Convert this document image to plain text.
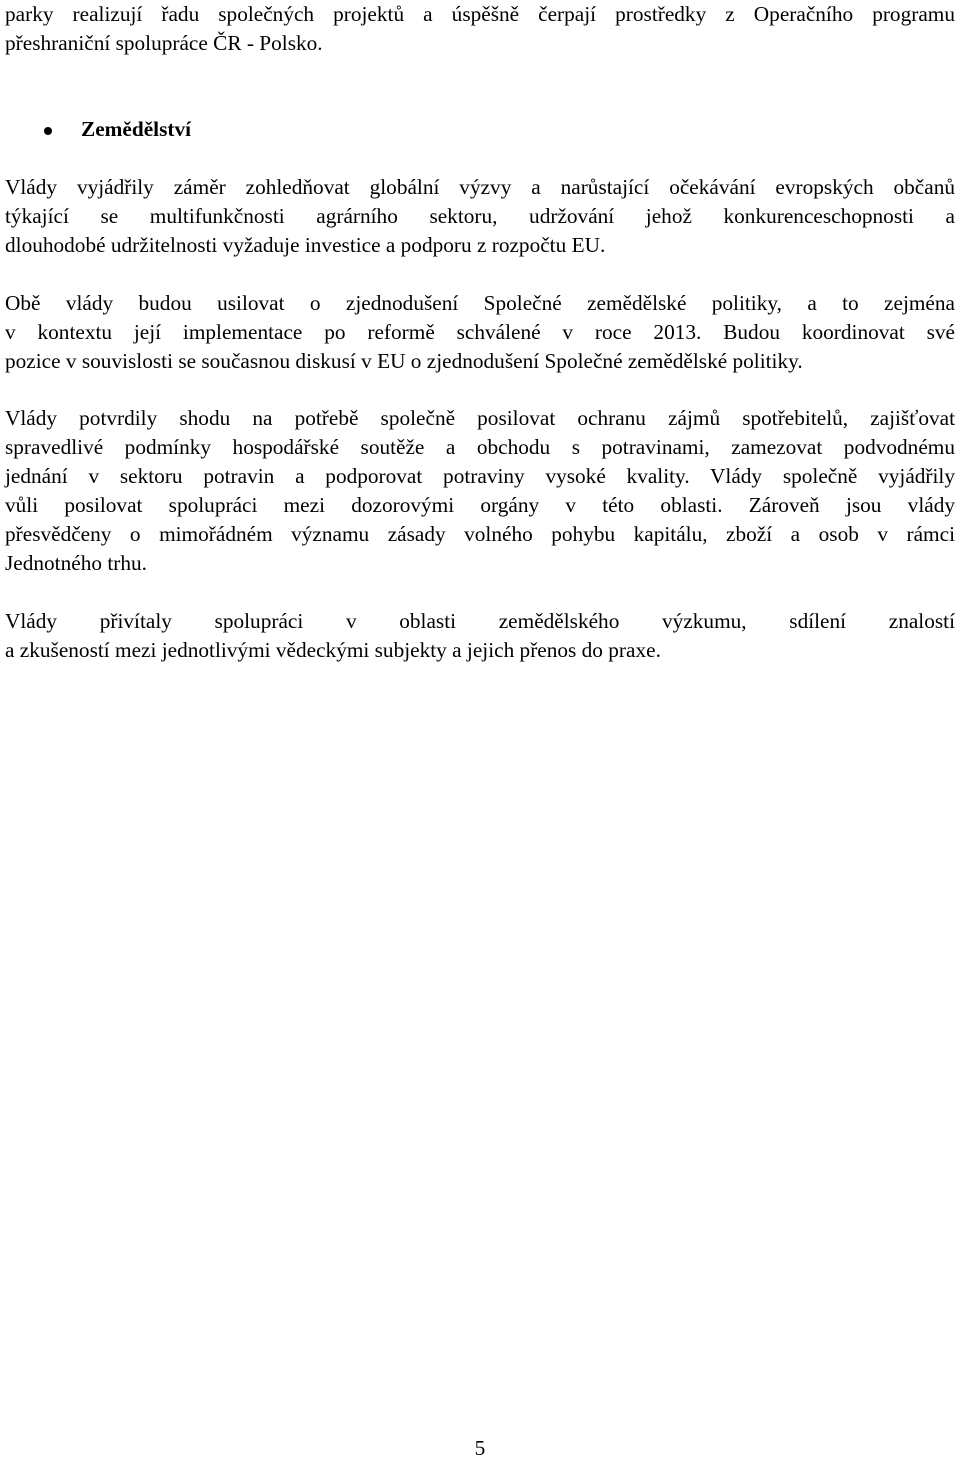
parky realizují řadu společných projektů a úspěšně čerpají prostředky z Operačního programu
přeshraniční spolupráce ČR - Polsko.
Zemědělství
Vlády vyjádřily záměr zohledňovat globální výzvy a narůstající očekávání evropských občanů
týkající se multifunkčnosti agrárního sektoru, udržování jehož konkurenceschopnosti a
dlouhodobé udržitelnosti vyžaduje investice a podporu z rozpočtu EU.
Obě vlády budou usilovat o zjednodušení Společné zemědělské politiky, a to zejména
v kontextu její implementace po reformě schválené v roce 2013. Budou koordinovat své
pozice v souvislosti se současnou diskusí v EU o zjednodušení Společné zemědělské politiky.
Vlády potvrdily shodu na potřebě společně posilovat ochranu zájmů spotřebitelů, zajišťovat
spravedlivé podmínky hospodářské soutěže a obchodu s potravinami, zamezovat podvodnému
jednání v sektoru potravin a podporovat potraviny vysoké kvality. Vlády společně vyjádřily
vůli posilovat spolupráci mezi dozorovými orgány v této oblasti. Zároveň jsou vlády
přesvědčeny o mimořádném významu zásady volného pohybu kapitálu, zboží a osob v rámci
Jednotného trhu.
Vlády přivítaly spolupráci v oblasti zemědělského výzkumu, sdílení znalostí
a zkušeností mezi jednotlivými vědeckými subjekty a jejich přenos do praxe.
5
